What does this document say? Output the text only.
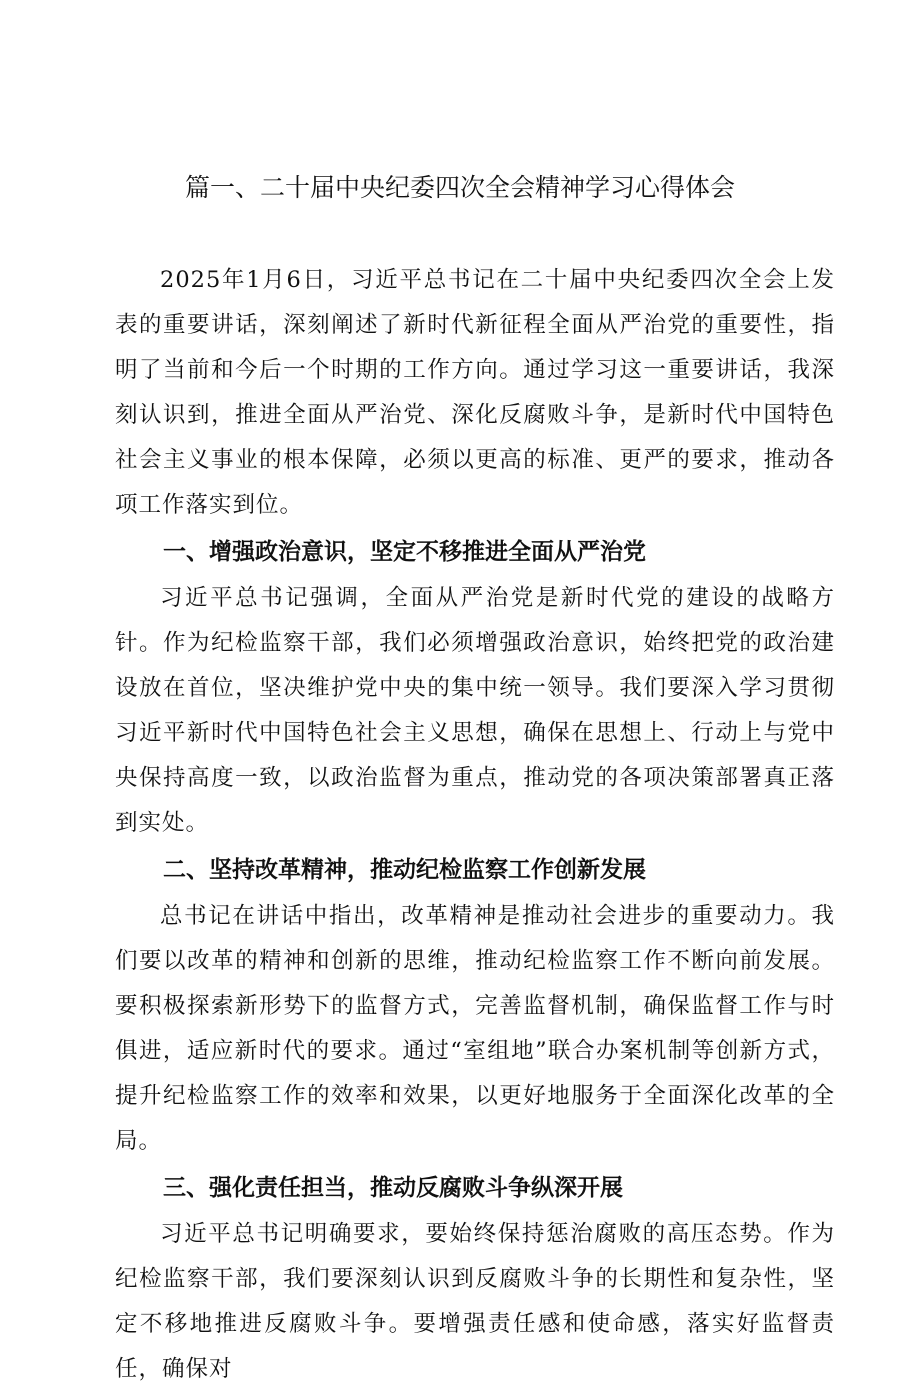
篇一、二十届中央纪委四次全会精神学习心得体会

2025年1月6日，习近平总书记在二十届中央纪委四次全会上发表的重要讲话，深刻阐述了新时代新征程全面从严治党的重要性，指明了当前和今后一个时期的工作方向。通过学习这一重要讲话，我深刻认识到，推进全面从严治党、深化反腐败斗争，是新时代中国特色社会主义事业的根本保障，必须以更高的标准、更严的要求，推动各项工作落实到位。

一、增强政治意识，坚定不移推进全面从严治党

习近平总书记强调，全面从严治党是新时代党的建设的战略方针。作为纪检监察干部，我们必须增强政治意识，始终把党的政治建设放在首位，坚决维护党中央的集中统一领导。我们要深入学习贯彻习近平新时代中国特色社会主义思想，确保在思想上、行动上与党中央保持高度一致，以政治监督为重点，推动党的各项决策部署真正落到实处。

二、坚持改革精神，推动纪检监察工作创新发展

总书记在讲话中指出，改革精神是推动社会进步的重要动力。我们要以改革的精神和创新的思维，推动纪检监察工作不断向前发展。要积极探索新形势下的监督方式，完善监督机制，确保监督工作与时俱进，适应新时代的要求。通过“室组地”联合办案机制等创新方式，提升纪检监察工作的效率和效果，以更好地服务于全面深化改革的全局。

三、强化责任担当，推动反腐败斗争纵深开展

习近平总书记明确要求，要始终保持惩治腐败的高压态势。作为纪检监察干部，我们要深刻认识到反腐败斗争的长期性和复杂性，坚定不移地推进反腐败斗争。要增强责任感和使命感，落实好监督责任，确保对
